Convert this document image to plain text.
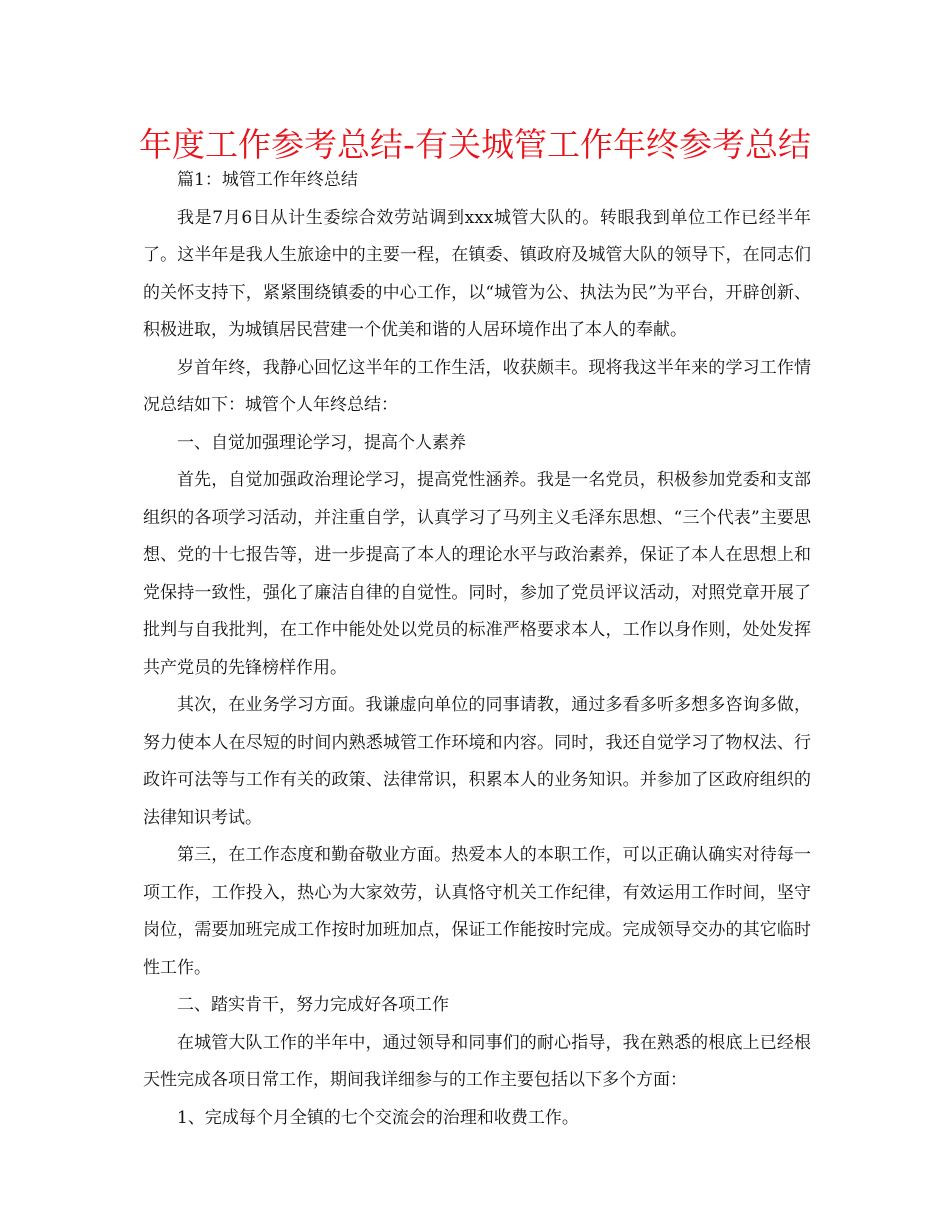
年度工作参考总结-有关城管工作年终参考总结

篇1：城管工作年终总结

我是7月6日从计生委综合效劳站调到xxx城管大队的。转眼我到单位工作已经半年了。这半年是我人生旅途中的主要一程，在镇委、镇政府及城管大队的领导下，在同志们的关怀支持下，紧紧围绕镇委的中心工作，以“城管为公、执法为民”为平台，开辟创新、积极进取，为城镇居民营建一个优美和谐的人居环境作出了本人的奉献。

岁首年终，我静心回忆这半年的工作生活，收获颇丰。现将我这半年来的学习工作情况总结如下：城管个人年终总结：

一、自觉加强理论学习，提高个人素养

首先，自觉加强政治理论学习，提高党性涵养。我是一名党员，积极参加党委和支部组织的各项学习活动，并注重自学，认真学习了马列主义毛泽东思想、“三个代表”主要思想、党的十七报告等，进一步提高了本人的理论水平与政治素养，保证了本人在思想上和党保持一致性，强化了廉洁自律的自觉性。同时，参加了党员评议活动，对照党章开展了批判与自我批判，在工作中能处处以党员的标准严格要求本人，工作以身作则，处处发挥共产党员的先锋榜样作用。

其次，在业务学习方面。我谦虚向单位的同事请教，通过多看多听多想多咨询多做，努力使本人在尽短的时间内熟悉城管工作环境和内容。同时，我还自觉学习了物权法、行政许可法等与工作有关的政策、法律常识，积累本人的业务知识。并参加了区政府组织的法律知识考试。

第三，在工作态度和勤奋敬业方面。热爱本人的本职工作，可以正确认确实对待每一项工作，工作投入，热心为大家效劳，认真恪守机关工作纪律，有效运用工作时间，坚守岗位，需要加班完成工作按时加班加点，保证工作能按时完成。完成领导交办的其它临时性工作。

二、踏实肯干，努力完成好各项工作

在城管大队工作的半年中，通过领导和同事们的耐心指导，我在熟悉的根底上已经根天性完成各项日常工作，期间我详细参与的工作主要包括以下多个方面：

1、完成每个月全镇的七个交流会的治理和收费工作。
